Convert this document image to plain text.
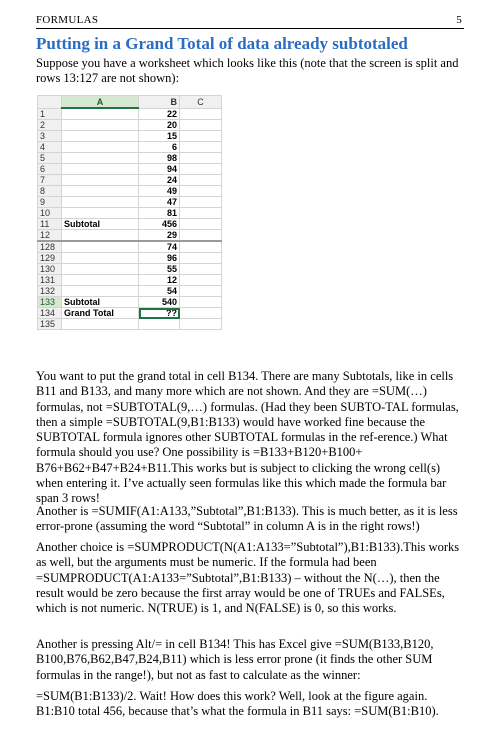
FORMULAS	5
Putting in a Grand Total of data already subtotaled

Suppose you have a worksheet which looks like this (note that the screen is split and rows 13:127 are not shown):

	A	B	C
1		22	
2		20	
3		15	
4		6	
5		98	
6		94	
7		24	
8		49	
9		47	
10		81	
11	Subtotal	456	
12		29	
128		74	
129		96	
130		55	
131		12	
132		54	
133	Subtotal	540	
134	Grand Total	??	
135			

You want to put the grand total in cell B134. There are many Subtotals, like in cells B11 and B133, and many more which are not shown. And they are =SUM(…) formulas, not =SUBTOTAL(9,…) formulas. (Had they been SUBTO-TAL formulas, then a simple =SUBTOTAL(9,B1:B133) would have worked fine because the SUBTOTAL formula ignores other SUBTOTAL formulas in the ref-erence.) What formula should you use? One possibility is =B133+B120+B100+ B76+B62+B47+B24+B11.This works but is subject to clicking the wrong cell(s) when entering it. I’ve actually seen formulas like this which made the formula bar span 3 rows!

Another is =SUMIF(A1:A133,”Subtotal”,B1:B133). This is much better, as it is less error-prone (assuming the word “Subtotal” in column A is in the right rows!)

Another choice is =SUMPRODUCT(N(A1:A133=”Subtotal”),B1:B133).This works as well, but the arguments must be numeric. If the formula had been =SUMPRODUCT(A1:A133=”Subtotal”,B1:B133) – without the N(…), then the result would be zero because the first array would be one of TRUEs and FALSEs, which is not numeric. N(TRUE) is 1, and N(FALSE) is 0, so this works.

Another is pressing Alt/= in cell B134! This has Excel give =SUM(B133,B120, B100,B76,B62,B47,B24,B11) which is less error prone (it finds the other SUM formulas in the range!), but not as fast to calculate as the winner:

=SUM(B1:B133)/2. Wait! How does this work? Well, look at the figure again. B1:B10 total 456, because that’s what the formula in B11 says: =SUM(B1:B10).
